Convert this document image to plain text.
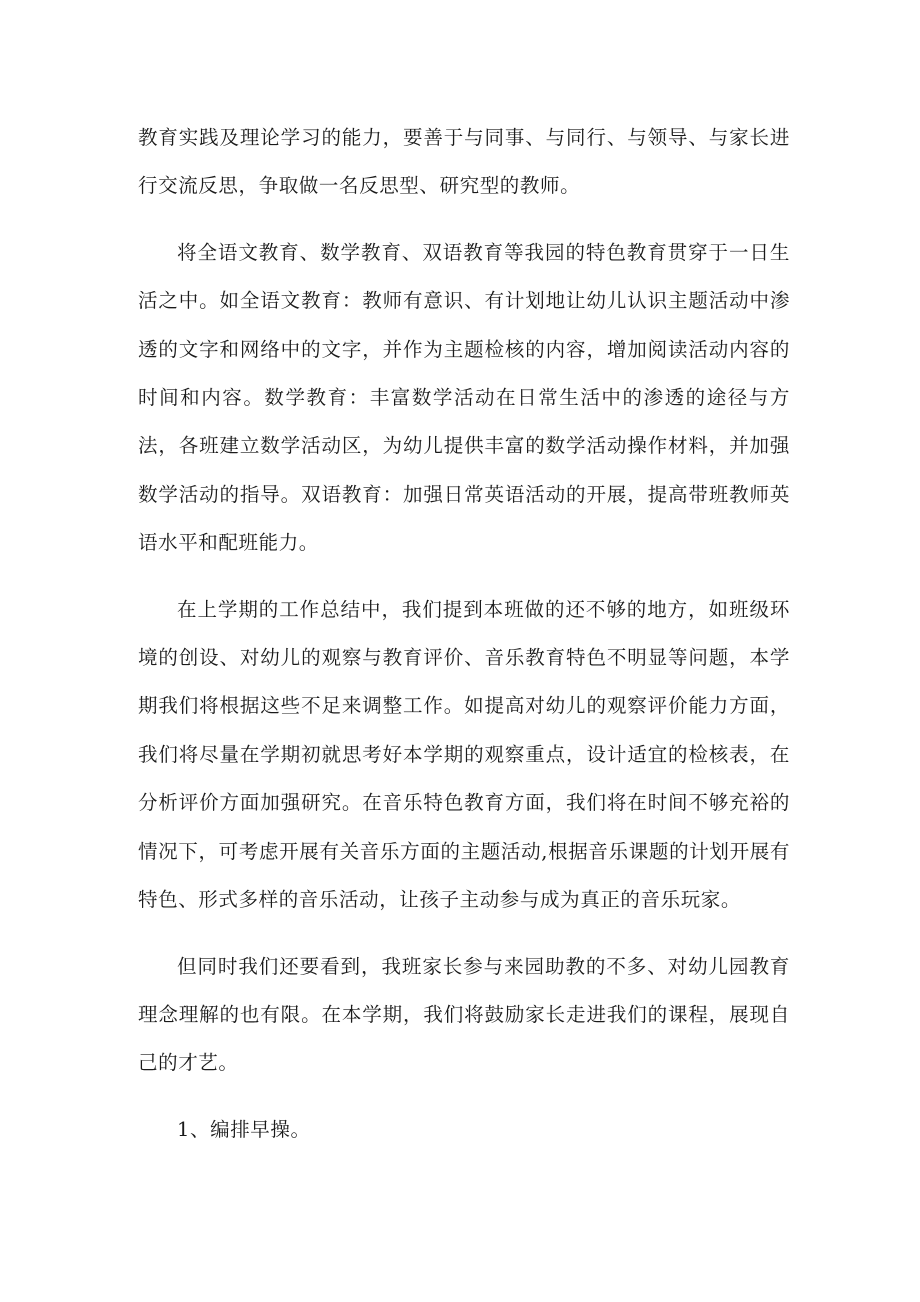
教育实践及理论学习的能力，要善于与同事、与同行、与领导、与家长进行交流反思，争取做一名反思型、研究型的教师。

将全语文教育、数学教育、双语教育等我园的特色教育贯穿于一日生活之中。如全语文教育：教师有意识、有计划地让幼儿认识主题活动中渗透的文字和网络中的文字，并作为主题检核的内容，增加阅读活动内容的时间和内容。数学教育：丰富数学活动在日常生活中的渗透的途径与方法，各班建立数学活动区，为幼儿提供丰富的数学活动操作材料，并加强数学活动的指导。双语教育：加强日常英语活动的开展，提高带班教师英语水平和配班能力。

在上学期的工作总结中，我们提到本班做的还不够的地方，如班级环境的创设、对幼儿的观察与教育评价、音乐教育特色不明显等问题，本学期我们将根据这些不足来调整工作。如提高对幼儿的观察评价能力方面，我们将尽量在学期初就思考好本学期的观察重点，设计适宜的检核表，在分析评价方面加强研究。在音乐特色教育方面，我们将在时间不够充裕的情况下，可考虑开展有关音乐方面的主题活动,根据音乐课题的计划开展有特色、形式多样的音乐活动，让孩子主动参与成为真正的音乐玩家。

但同时我们还要看到，我班家长参与来园助教的不多、对幼儿园教育理念理解的也有限。在本学期，我们将鼓励家长走进我们的课程，展现自己的才艺。

1、编排早操。
